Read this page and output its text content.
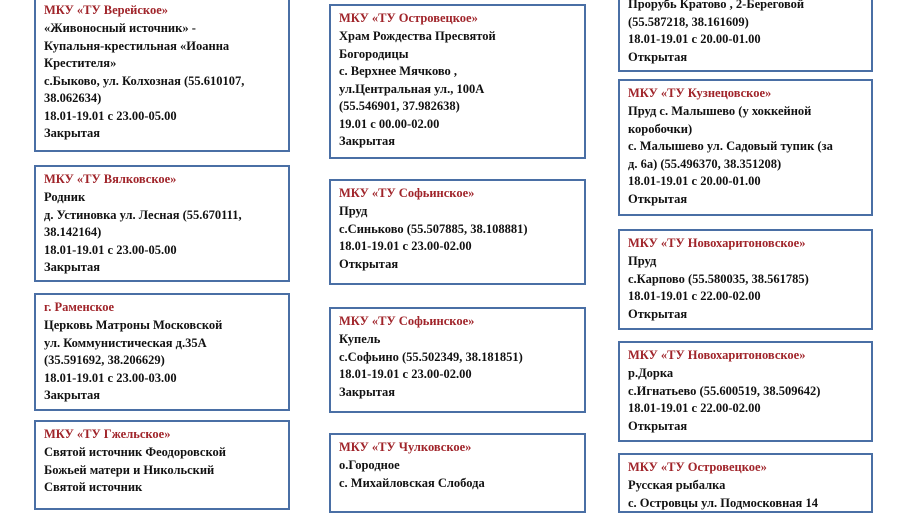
МКУ «ТУ Верейское»
«Живоносный источник» -
Купальня-крестильная «Иоанна
Крестителя»
с.Быково, ул. Колхозная (55.610107,
38.062634)
18.01-19.01 с 23.00-05.00
Закрытая
МКУ «ТУ Вялковское»
Родник
д. Устиновка ул. Лесная (55.670111,
38.142164)
18.01-19.01 с 23.00-05.00
Закрытая
г. Раменское
Церковь Матроны Московской
ул. Коммунистическая д.35А
(35.591692, 38.206629)
18.01-19.01 с 23.00-03.00
Закрытая
МКУ «ТУ Гжельское»
Святой источник Феодоровской
Божьей матери и Никольский
Святой источник
МКУ «ТУ Островецкое»
Храм Рождества Пресвятой
Богородицы
с. Верхнее Мячково ,
ул.Центральная ул., 100А
(55.546901, 37.982638)
19.01 с 00.00-02.00
Закрытая
МКУ «ТУ Софьинское»
Пруд
с.Синьково (55.507885, 38.108881)
18.01-19.01 с 23.00-02.00
Открытая
МКУ «ТУ Софьинское»
Купель
с.Софьино (55.502349, 38.181851)
18.01-19.01 с 23.00-02.00
Закрытая
МКУ «ТУ Чулковское»
о.Городное
с. Михайловская Слобода
Прорубь Кратово , 2-Береговой
(55.587218, 38.161609)
18.01-19.01 с 20.00-01.00
Открытая
МКУ «ТУ Кузнецовское»
Пруд с. Малышево (у хоккейной
коробочки)
с. Малышево ул. Садовый тупик (за
д. 6а) (55.496370, 38.351208)
18.01-19.01 с 20.00-01.00
Открытая
МКУ «ТУ Новохаритоновское»
Пруд
с.Карпово (55.580035, 38.561785)
18.01-19.01 с 22.00-02.00
Открытая
МКУ «ТУ Новохаритоновское»
р.Дорка
с.Игнатьево (55.600519, 38.509642)
18.01-19.01 с 22.00-02.00
Открытая
МКУ «ТУ Островецкое»
Русская рыбалка
с. Островцы ул. Подмосковная 14
